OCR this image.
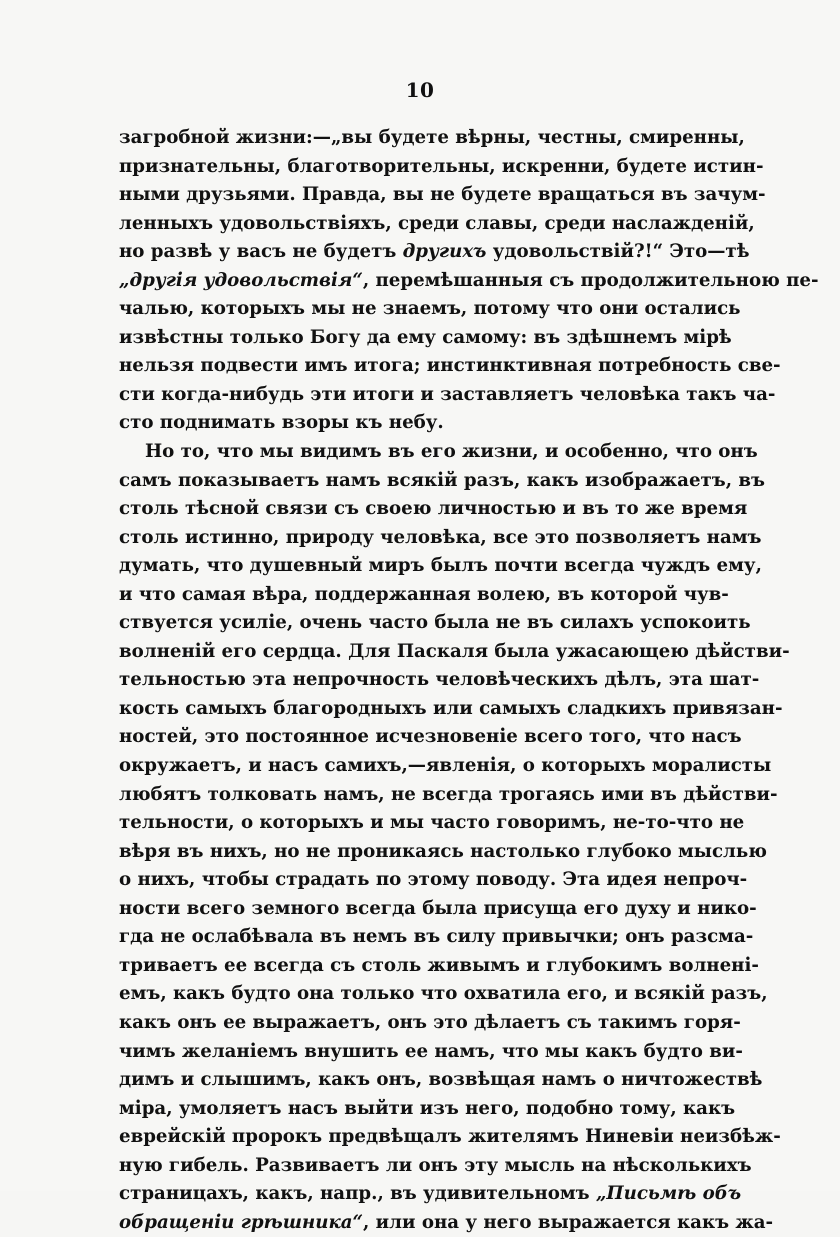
10
загробной жизни:—„вы будете вѣрны, честны, смиренны,
признательны, благотворительны, искренни, будете истин-
ными друзьями. Правда, вы не будете вращаться въ зачум-
ленныхъ удовольствіяхъ, среди славы, среди наслажденій,
но развѣ у васъ не будетъ другихъ удовольствій?!“ Это—тѣ
„другія удовольствія“, перемѣшанныя съ продолжительною пе-
чалью, которыхъ мы не знаемъ, потому что они остались
извѣстны только Богу да ему самому: въ здѣшнемъ мірѣ
нельзя подвести имъ итога; инстинктивная потребность све-
сти когда-нибудь эти итоги и заставляетъ человѣка такъ ча-
сто поднимать взоры къ небу.
Но то, что мы видимъ въ его жизни, и особенно, что онъ
самъ показываетъ намъ всякій разъ, какъ изображаетъ, въ
столь тѣсной связи съ своею личностью и въ то же время
столь истинно, природу человѣка, все это позволяетъ намъ
думать, что душевный миръ былъ почти всегда чуждъ ему,
и что самая вѣра, поддержанная волею, въ которой чув-
ствуется усиліе, очень часто была не въ силахъ успокоить
волненій его сердца. Для Паскаля была ужасающею дѣйстви-
тельностью эта непрочность человѣческихъ дѣлъ, эта шат-
кость самыхъ благородныхъ или самыхъ сладкихъ привязан-
ностей, это постоянное исчезновеніе всего того, что насъ
окружаетъ, и насъ самихъ,—явленія, о которыхъ моралисты
любятъ толковать намъ, не всегда трогаясь ими въ дѣйстви-
тельности, о которыхъ и мы часто говоримъ, не-то-что не
вѣря въ нихъ, но не проникаясь настолько глубоко мыслью
о нихъ, чтобы страдать по этому поводу. Эта идея непроч-
ности всего земного всегда была присуща его духу и нико-
гда не ослабѣвала въ немъ въ силу привычки; онъ разсма-
триваетъ ее всегда съ столь живымъ и глубокимъ волнені-
емъ, какъ будто она только что охватила его, и всякій разъ,
какъ онъ ее выражаетъ, онъ это дѣлаетъ съ такимъ горя-
чимъ желаніемъ внушить ее намъ, что мы какъ будто ви-
димъ и слышимъ, какъ онъ, возвѣщая намъ о ничтожествѣ
міра, умоляетъ насъ выйти изъ него, подобно тому, какъ
еврейскій пророкъ предвѣщалъ жителямъ Ниневіи неизбѣж-
ную гибель. Развиваетъ ли онъ эту мысль на нѣсколькихъ
страницахъ, какъ, напр., въ удивительномъ „Письмѣ объ
обращеніи грѣшника“, или она у него выражается какъ жа-
